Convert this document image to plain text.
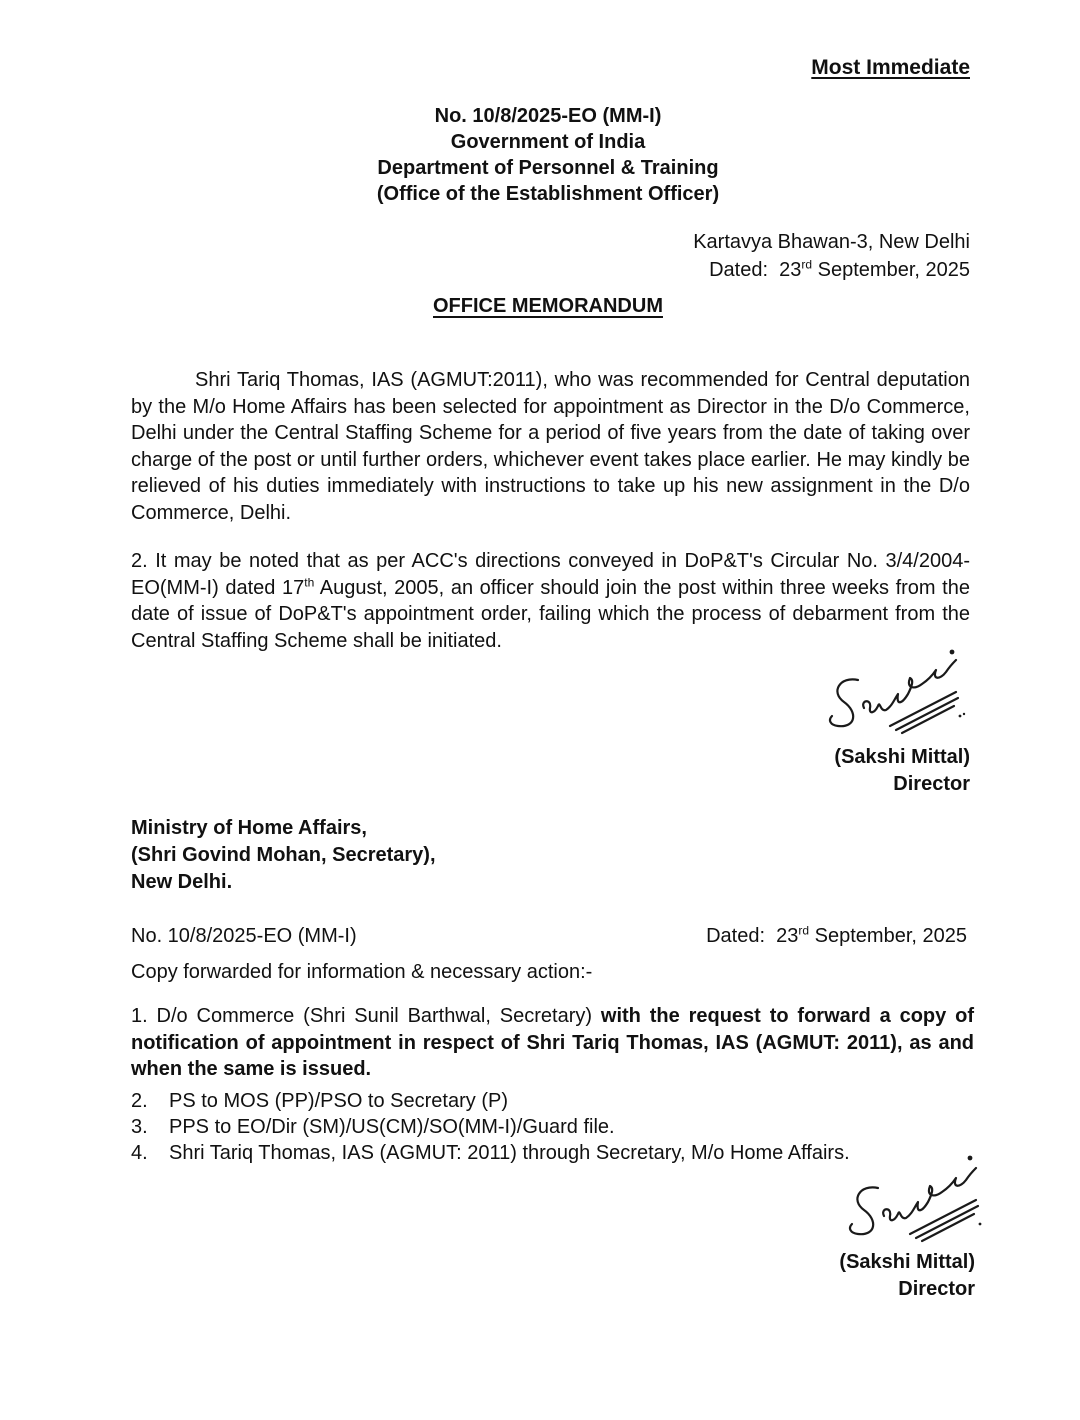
Most Immediate
No. 10/8/2025-EO (MM-I)
Government of India
Department of Personnel & Training
(Office of the Establishment Officer)
Kartavya Bhawan-3, New Delhi
Dated: 23rd September, 2025
OFFICE MEMORANDUM
Shri Tariq Thomas, IAS (AGMUT:2011), who was recommended for Central deputation by the M/o Home Affairs has been selected for appointment as Director in the D/o Commerce, Delhi under the Central Staffing Scheme for a period of five years from the date of taking over charge of the post or until further orders, whichever event takes place earlier. He may kindly be relieved of his duties immediately with instructions to take up his new assignment in the D/o Commerce, Delhi.
2. It may be noted that as per ACC's directions conveyed in DoP&T's Circular No. 3/4/2004-EO(MM-I) dated 17th August, 2005, an officer should join the post within three weeks from the date of issue of DoP&T's appointment order, failing which the process of debarment from the Central Staffing Scheme shall be initiated.
(Sakshi Mittal)
Director
Ministry of Home Affairs,
(Shri Govind Mohan, Secretary),
New Delhi.
No. 10/8/2025-EO (MM-I)	Dated: 23rd September, 2025
Copy forwarded for information & necessary action:-
1. D/o Commerce (Shri Sunil Barthwal, Secretary) with the request to forward a copy of notification of appointment in respect of Shri Tariq Thomas, IAS (AGMUT: 2011), as and when the same is issued.
2.	PS to MOS (PP)/PSO to Secretary (P)
3.	PPS to EO/Dir (SM)/US(CM)/SO(MM-I)/Guard file.
4.	Shri Tariq Thomas, IAS (AGMUT: 2011) through Secretary, M/o Home Affairs.
(Sakshi Mittal)
Director
